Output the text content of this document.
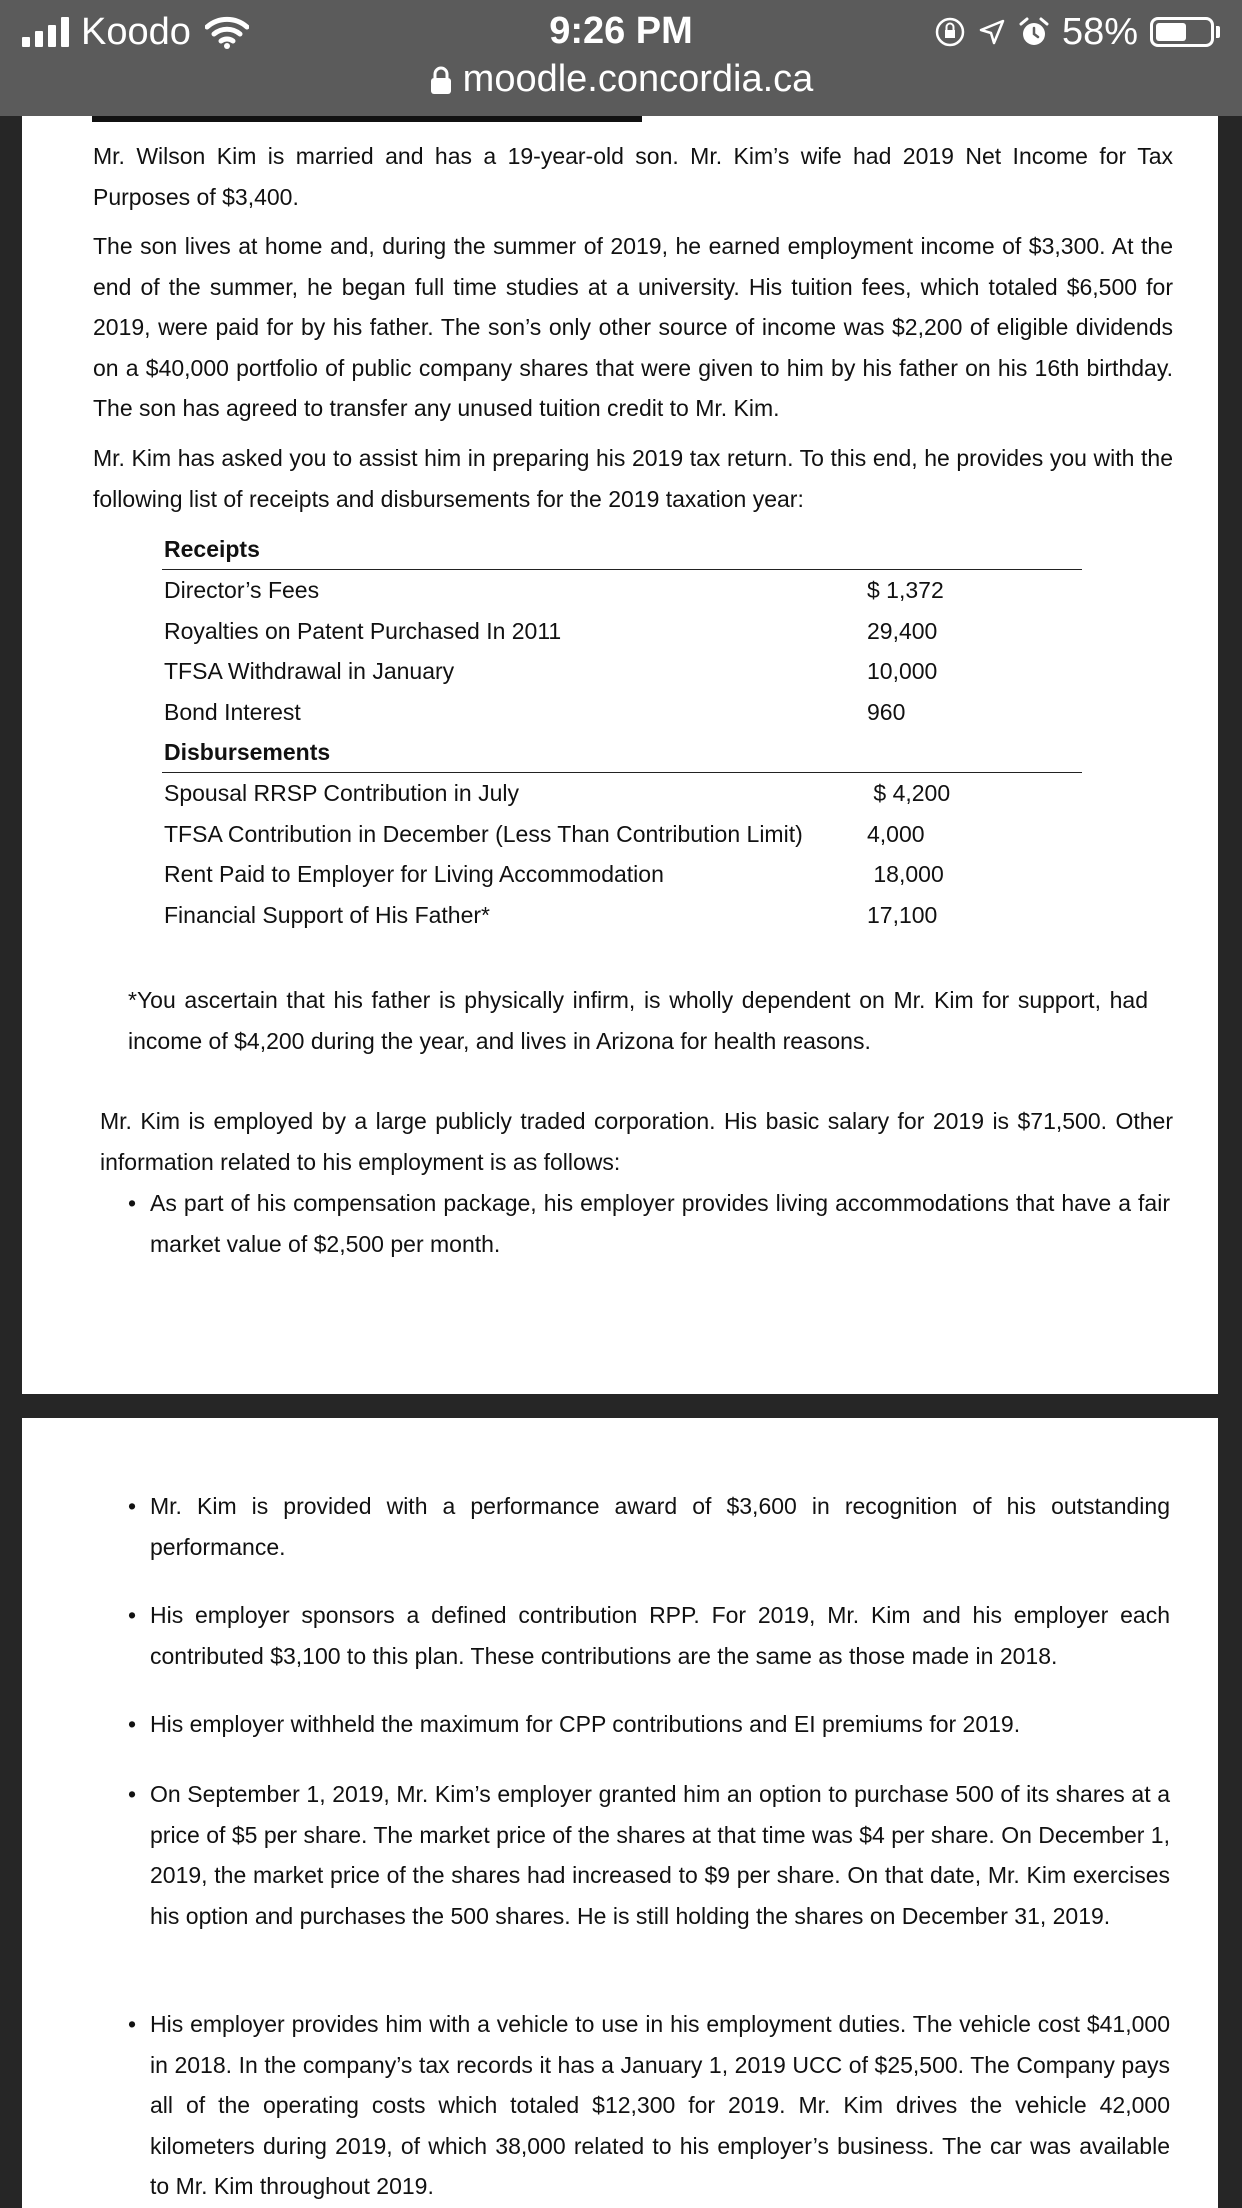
Koodo	9:26 PM	58%
moodle.concordia.ca

Mr. Wilson Kim is married and has a 19-year-old son. Mr. Kim’s wife had 2019 Net Income for Tax Purposes of $3,400.

The son lives at home and, during the summer of 2019, he earned employment income of $3,300. At the end of the summer, he began full time studies at a university. His tuition fees, which totaled $6,500 for 2019, were paid for by his father. The son’s only other source of income was $2,200 of eligible dividends on a $40,000 portfolio of public company shares that were given to him by his father on his 16th birthday. The son has agreed to transfer any unused tuition credit to Mr. Kim.

Mr. Kim has asked you to assist him in preparing his 2019 tax return. To this end, he provides you with the following list of receipts and disbursements for the 2019 taxation year:

Receipts
Director’s Fees	$ 1,372
Royalties on Patent Purchased In 2011	29,400
TFSA Withdrawal in January	10,000
Bond Interest	960
Disbursements
Spousal RRSP Contribution in July	$ 4,200
TFSA Contribution in December (Less Than Contribution Limit)	4,000
Rent Paid to Employer for Living Accommodation	18,000
Financial Support of His Father*	17,100

*You ascertain that his father is physically infirm, is wholly dependent on Mr. Kim for support, had income of $4,200 during the year, and lives in Arizona for health reasons.

Mr. Kim is employed by a large publicly traded corporation. His basic salary for 2019 is $71,500. Other information related to his employment is as follows:

• As part of his compensation package, his employer provides living accommodations that have a fair market value of $2,500 per month.

• Mr. Kim is provided with a performance award of $3,600 in recognition of his outstanding performance.

• His employer sponsors a defined contribution RPP. For 2019, Mr. Kim and his employer each contributed $3,100 to this plan. These contributions are the same as those made in 2018.

• His employer withheld the maximum for CPP contributions and EI premiums for 2019.

• On September 1, 2019, Mr. Kim’s employer granted him an option to purchase 500 of its shares at a price of $5 per share. The market price of the shares at that time was $4 per share. On December 1, 2019, the market price of the shares had increased to $9 per share. On that date, Mr. Kim exercises his option and purchases the 500 shares. He is still holding the shares on December 31, 2019.

• His employer provides him with a vehicle to use in his employment duties. The vehicle cost $41,000 in 2018. In the company’s tax records it has a January 1, 2019 UCC of $25,500. The Company pays all of the operating costs which totaled $12,300 for 2019. Mr. Kim drives the vehicle 42,000 kilometers during 2019, of which 38,000 related to his employer’s business. The car was available to Mr. Kim throughout 2019.
